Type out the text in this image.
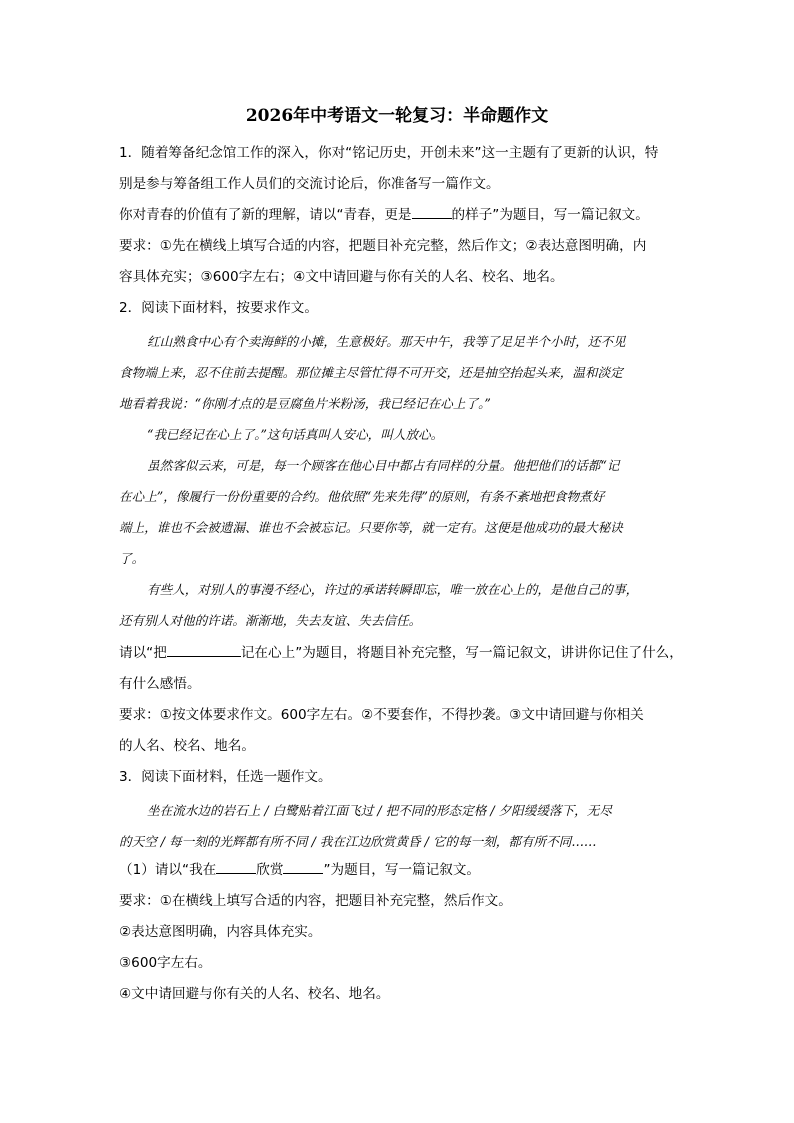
2026年中考语文一轮复习：半命题作文
1．随着筹备纪念馆工作的深入，你对“铭记历史，开创未来”这一主题有了更新的认识，特
别是参与筹备组工作人员们的交流讨论后，你准备写一篇作文。
你对青春的价值有了新的理解，请以“青春，更是	的样子”为题目，写一篇记叙文。
要求：①先在横线上填写合适的内容，把题目补充完整，然后作文；②表达意图明确，内
容具体充实；③600字左右；④文中请回避与你有关的人名、校名、地名。
2．阅读下面材料，按要求作文。
红山熟食中心有个卖海鲜的小摊，生意极好。那天中午，我等了足足半个小时，还不见
食物端上来，忍不住前去提醒。那位摊主尽管忙得不可开交，还是抽空抬起头来，温和淡定
地看着我说：“你刚才点的是豆腐鱼片米粉汤，我已经记在心上了。”
“我已经记在心上了。”这句话真叫人安心，叫人放心。
虽然客似云来，可是，每一个顾客在他心目中都占有同样的分量。他把他们的话都“记
在心上”，像履行一份份重要的合约。他依照“先来先得”的原则，有条不紊地把食物煮好
端上，谁也不会被遗漏、谁也不会被忘记。只要你等，就一定有。这便是他成功的最大秘诀
了。
有些人，对别人的事漫不经心，许过的承诺转瞬即忘，唯一放在心上的，是他自己的事，
还有别人对他的许诺。渐渐地，失去友谊、失去信任。
请以“把	记在心上”为题目，将题目补充完整，写一篇记叙文，讲讲你记住了什么，
有什么感悟。
要求：①按文体要求作文。600字左右。②不要套作，不得抄袭。③文中请回避与你相关
的人名、校名、地名。
3．阅读下面材料，任选一题作文。
坐在流水边的岩石上 / 白鹭贴着江面飞过 / 把不同的形态定格 / 夕阳缓缓落下，无尽
的天空 / 每一刻的光辉都有所不同 / 我在江边欣赏黄昏 / 它的每一刻，都有所不同……
（1）请以“我在	欣赏	”为题目，写一篇记叙文。
要求：①在横线上填写合适的内容，把题目补充完整，然后作文。
②表达意图明确，内容具体充实。
③600字左右。
④文中请回避与你有关的人名、校名、地名。
